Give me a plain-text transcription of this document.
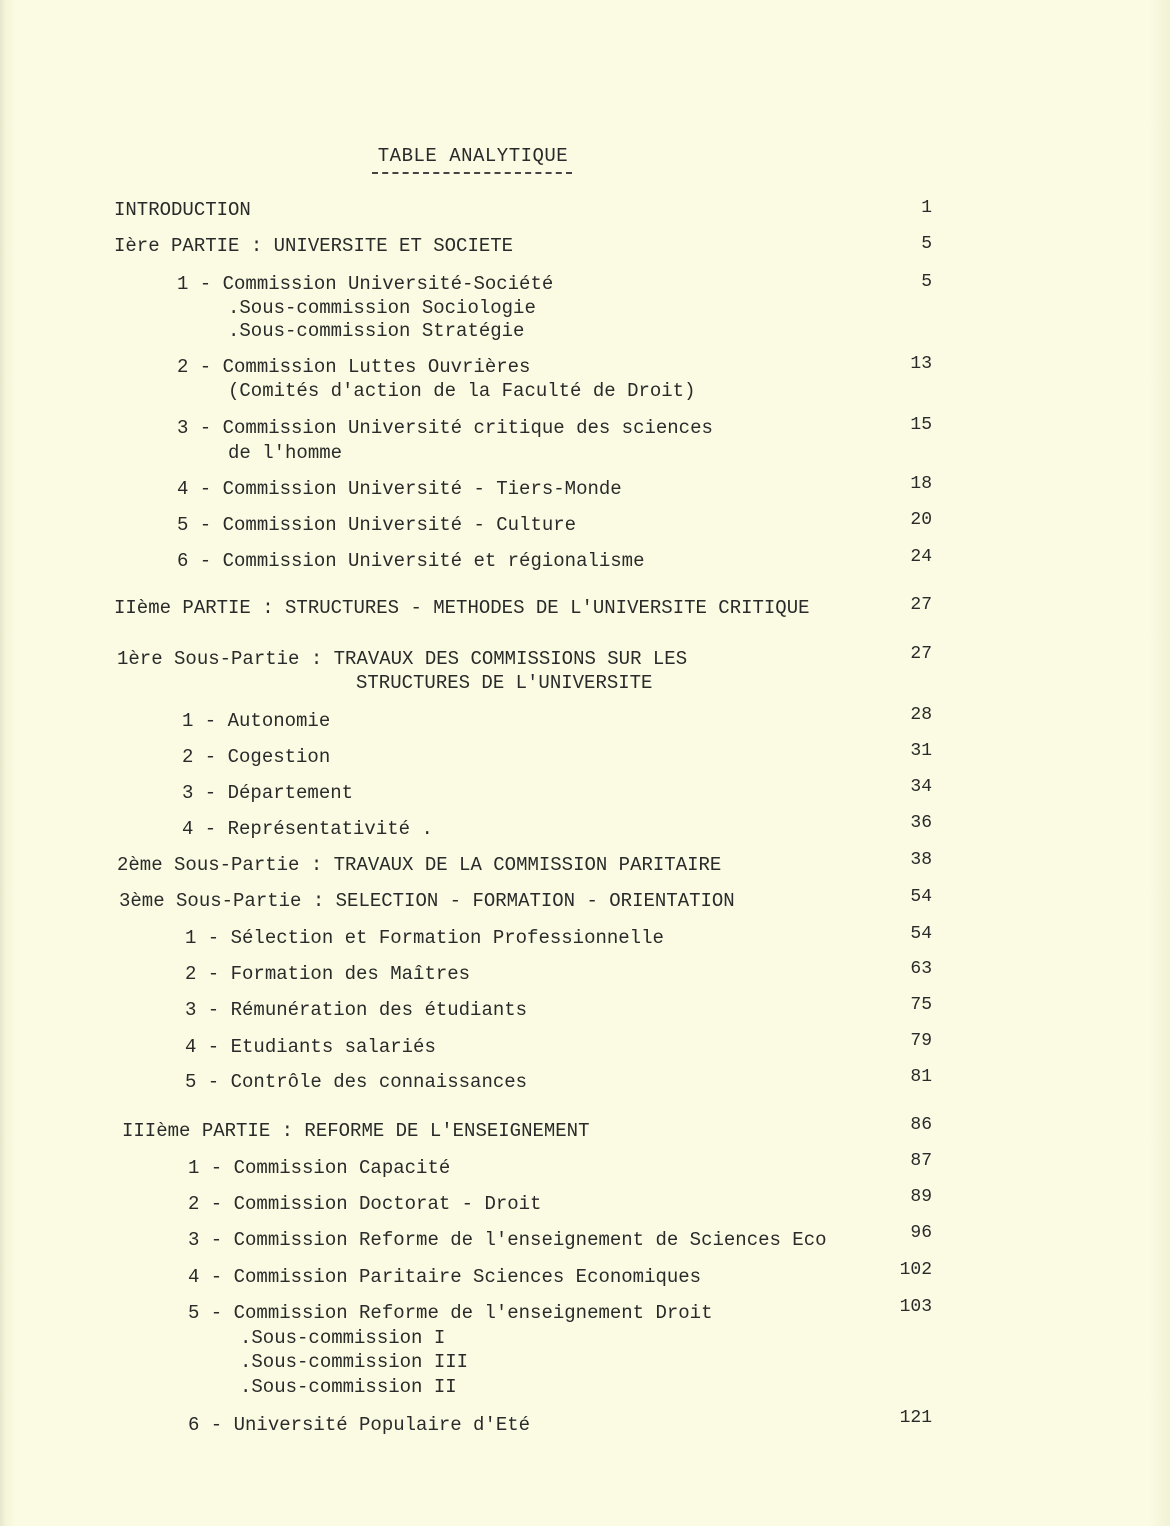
TABLE ANALYTIQUE
INTRODUCTION	1
Ière PARTIE : UNIVERSITE ET SOCIETE	5
1 - Commission Université-Société	5
.Sous-commission Sociologie
.Sous-commission Stratégie
2 - Commission Luttes Ouvrières	13
(Comités d'action de la Faculté de Droit)
3 - Commission Université critique des sciences	15
de l'homme
4 - Commission Université - Tiers-Monde	18
5 - Commission Université - Culture	20
6 - Commission Université et régionalisme	24
IIème PARTIE : STRUCTURES - METHODES DE L'UNIVERSITE CRITIQUE	27
1ère Sous-Partie : TRAVAUX DES COMMISSIONS SUR LES	27
STRUCTURES DE L'UNIVERSITE
1 - Autonomie	28
2 - Cogestion	31
3 - Département	34
4 - Représentativité .	36
2ème Sous-Partie : TRAVAUX DE LA COMMISSION PARITAIRE	38
3ème Sous-Partie : SELECTION - FORMATION - ORIENTATION	54
1 - Sélection et Formation Professionnelle	54
2 - Formation des Maîtres	63
3 - Rémunération des étudiants	75
4 - Etudiants salariés	79
5 - Contrôle des connaissances	81
IIIème PARTIE : REFORME DE L'ENSEIGNEMENT	86
1 - Commission Capacité	87
2 - Commission Doctorat - Droit	89
3 - Commission Reforme de l'enseignement de Sciences Eco	96
4 - Commission Paritaire Sciences Economiques	102
5 - Commission Reforme de l'enseignement Droit	103
.Sous-commission I
.Sous-commission III
.Sous-commission II
6 - Université Populaire d'Eté	121
